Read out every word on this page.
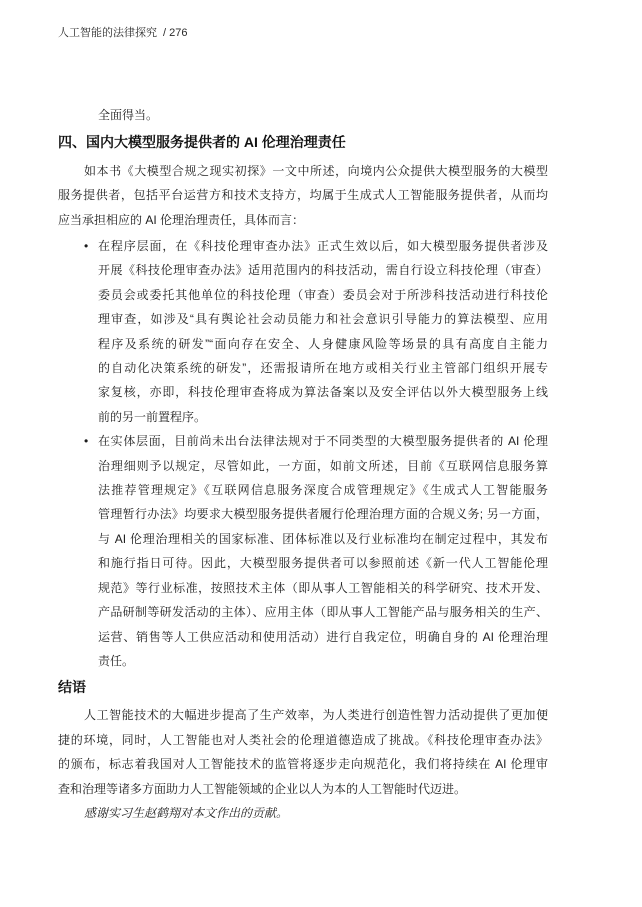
人工智能的法律探究 / 276
全面得当。
四、国内大模型服务提供者的 AI 伦理治理责任
如本书《大模型合规之现实初探》一文中所述，向境内公众提供大模型服务的大模型
服务提供者，包括平台运营方和技术支持方，均属于生成式人工智能服务提供者，从而均
应当承担相应的 AI 伦理治理责任，具体而言：
• 在程序层面，在《科技伦理审查办法》正式生效以后，如大模型服务提供者涉及
开展《科技伦理审查办法》适用范围内的科技活动，需自行设立科技伦理（审查）
委员会或委托其他单位的科技伦理（审查）委员会对于所涉科技活动进行科技伦
理审查，如涉及“具有舆论社会动员能力和社会意识引导能力的算法模型、应用
程序及系统的研发”“面向存在安全、人身健康风险等场景的具有高度自主能力
的自动化决策系统的研发”，还需报请所在地方或相关行业主管部门组织开展专
家复核，亦即，科技伦理审查将成为算法备案以及安全评估以外大模型服务上线
前的另一前置程序。
• 在实体层面，目前尚未出台法律法规对于不同类型的大模型服务提供者的 AI 伦理
治理细则予以规定，尽管如此，一方面，如前文所述，目前《互联网信息服务算
法推荐管理规定》《互联网信息服务深度合成管理规定》《生成式人工智能服务
管理暂行办法》均要求大模型服务提供者履行伦理治理方面的合规义务; 另一方面，
与 AI 伦理治理相关的国家标准、团体标准以及行业标准均在制定过程中，其发布
和施行指日可待。因此，大模型服务提供者可以参照前述《新一代人工智能伦理
规范》等行业标准，按照技术主体（即从事人工智能相关的科学研究、技术开发、
产品研制等研发活动的主体）、应用主体（即从事人工智能产品与服务相关的生产、
运营、销售等人工供应活动和使用活动）进行自我定位，明确自身的 AI 伦理治理
责任。
结语
人工智能技术的大幅进步提高了生产效率，为人类进行创造性智力活动提供了更加便
捷的环境，同时，人工智能也对人类社会的伦理道德造成了挑战。《科技伦理审查办法》
的颁布，标志着我国对人工智能技术的监管将逐步走向规范化，我们将持续在 AI 伦理审
查和治理等诸多方面助力人工智能领域的企业以人为本的人工智能时代迈进。
感谢实习生赵鹤翔对本文作出的贡献。
